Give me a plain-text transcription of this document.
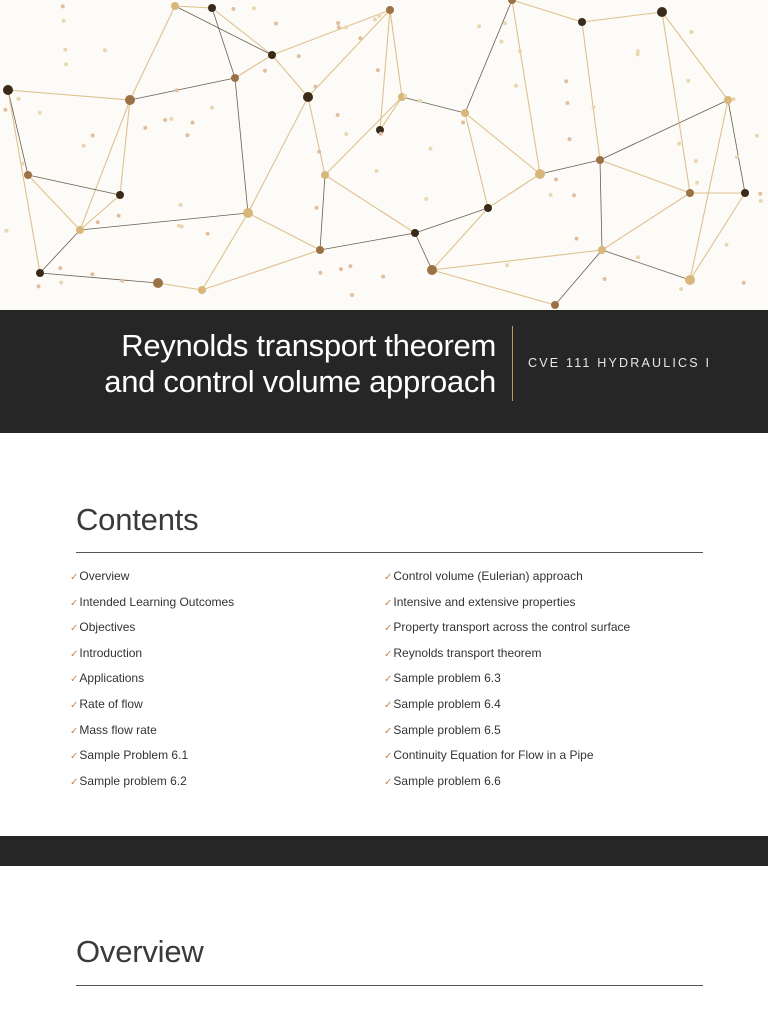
Reynolds transport theorem
and control volume approach
CVE 111 HYDRAULICS I
Contents
✓Overview
✓Intended Learning Outcomes
✓Objectives
✓Introduction
✓Applications
✓Rate of flow
✓Mass flow rate
✓Sample Problem 6.1
✓Sample problem 6.2
✓Control volume (Eulerian) approach
✓Intensive and extensive properties
✓Property transport across the control surface
✓Reynolds transport theorem
✓Sample problem 6.3
✓Sample problem 6.4
✓Sample problem 6.5
✓Continuity Equation for Flow in a Pipe
✓Sample problem 6.6
Overview
